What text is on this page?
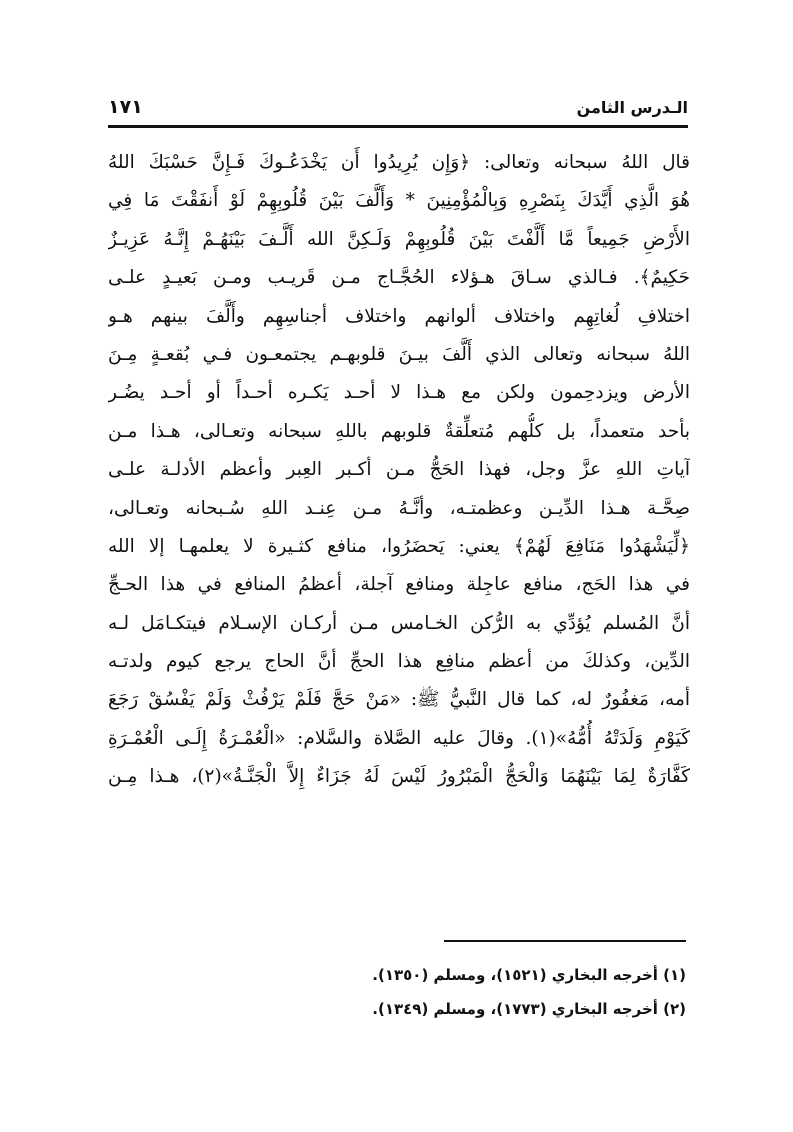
الـدرس الثامن
١٧١
قال اللهُ سبحانه وتعالى: ﴿وَإِن يُرِيدُوا أَن يَخْدَعُـوكَ فَـإِنَّ حَسْبَكَ اللهُ
هُوَ الَّذِي أَيَّدَكَ بِنَصْرِهِ وَبِالْمُؤْمِنِينَ * وَأَلَّفَ بَيْنَ قُلُوبِهِمْ لَوْ أَنفَقْتَ مَا فِي
الأَرْضِ جَمِيعاً مَّا أَلَّفْتَ بَيْنَ قُلُوبِهِمْ وَلَـكِنَّ الله أَلَّـفَ بَيْنَهُـمْ إِنَّـهُ عَزِيـزٌ
حَكِيمٌ﴾. فـالذي سـاقَ هـؤلاء الحُجَّـاج مـن قَريـب ومـن بَعيـدٍ علـى
اختلافِ لُغاتِهِم واختلاف ألوانهم واختلاف أجناسِهِم وأَلَّفَ بينهم هـو
اللهُ سبحانه وتعالى الذي أَلَّفَ بيـنَ قلوبهـم يجتمعـون فـي بُقعـةٍ مِـنَ
الأرض ويزدحِمون ولكن مع هـذا لا أحـد يَكـره أحـداً أو أحـد يضُـر
بأحد متعمداً، بل كلُّهم مُتعلِّقةٌ قلوبهم باللهِ سبحانه وتعـالى، هـذا مـن
آياتِ اللهِ عزَّ وجل، فهذا الحَجُّ مـن أكـبر العِبر وأعظم الأدلـة علـى
صِحَّـة هـذا الدِّيـن وعظمتـه، وأنَّـهُ مـن عِنـد اللهِ سُـبحانه وتعـالى،
﴿لِّيَشْهَدُوا مَنَافِعَ لَهُمْ﴾ يعني: يَحضَرُوا، منافع كثـيرة لا يعلمهـا إلا الله
في هذا الحَج، منافع عاجِلة ومنافع آجلة، أعظمُ المنافع في هذا الحـجِّ
أنَّ المُسلم يُؤدِّي به الرُّكن الخـامس مـن أركـان الإسـلام فيتكـامَل لـه
الدِّين، وكذلكَ من أعظم منافِع هذا الحجِّ أنَّ الحاج يرجع كيوم ولدتـه
أمه، مَغفُورٌ له، كما قال النَّبيُّ ﷺ: «مَنْ حَجَّ فَلَمْ يَرْفُثْ وَلَمْ يَفْسُقْ رَجَعَ
كَيَوْمِ وَلَدَتْهُ أُمُّهُ»(١). وقالَ عليه الصَّلاة والسَّلام: «الْعُمْـرَةُ إِلَـى الْعُمْـرَةِ
كَفَّارَةٌ لِمَا بَيْنَهُمَا وَالْحَجُّ الْمَبْرُورُ لَيْسَ لَهُ جَزَاءٌ إِلاَّ الْجَنَّـةُ»(٢)، هـذا مِـن
(١) أخرجه البخاري (١٥٢١)، ومسلم (١٣٥٠).
(٢) أخرجه البخاري (١٧٧٣)، ومسلم (١٣٤٩).
